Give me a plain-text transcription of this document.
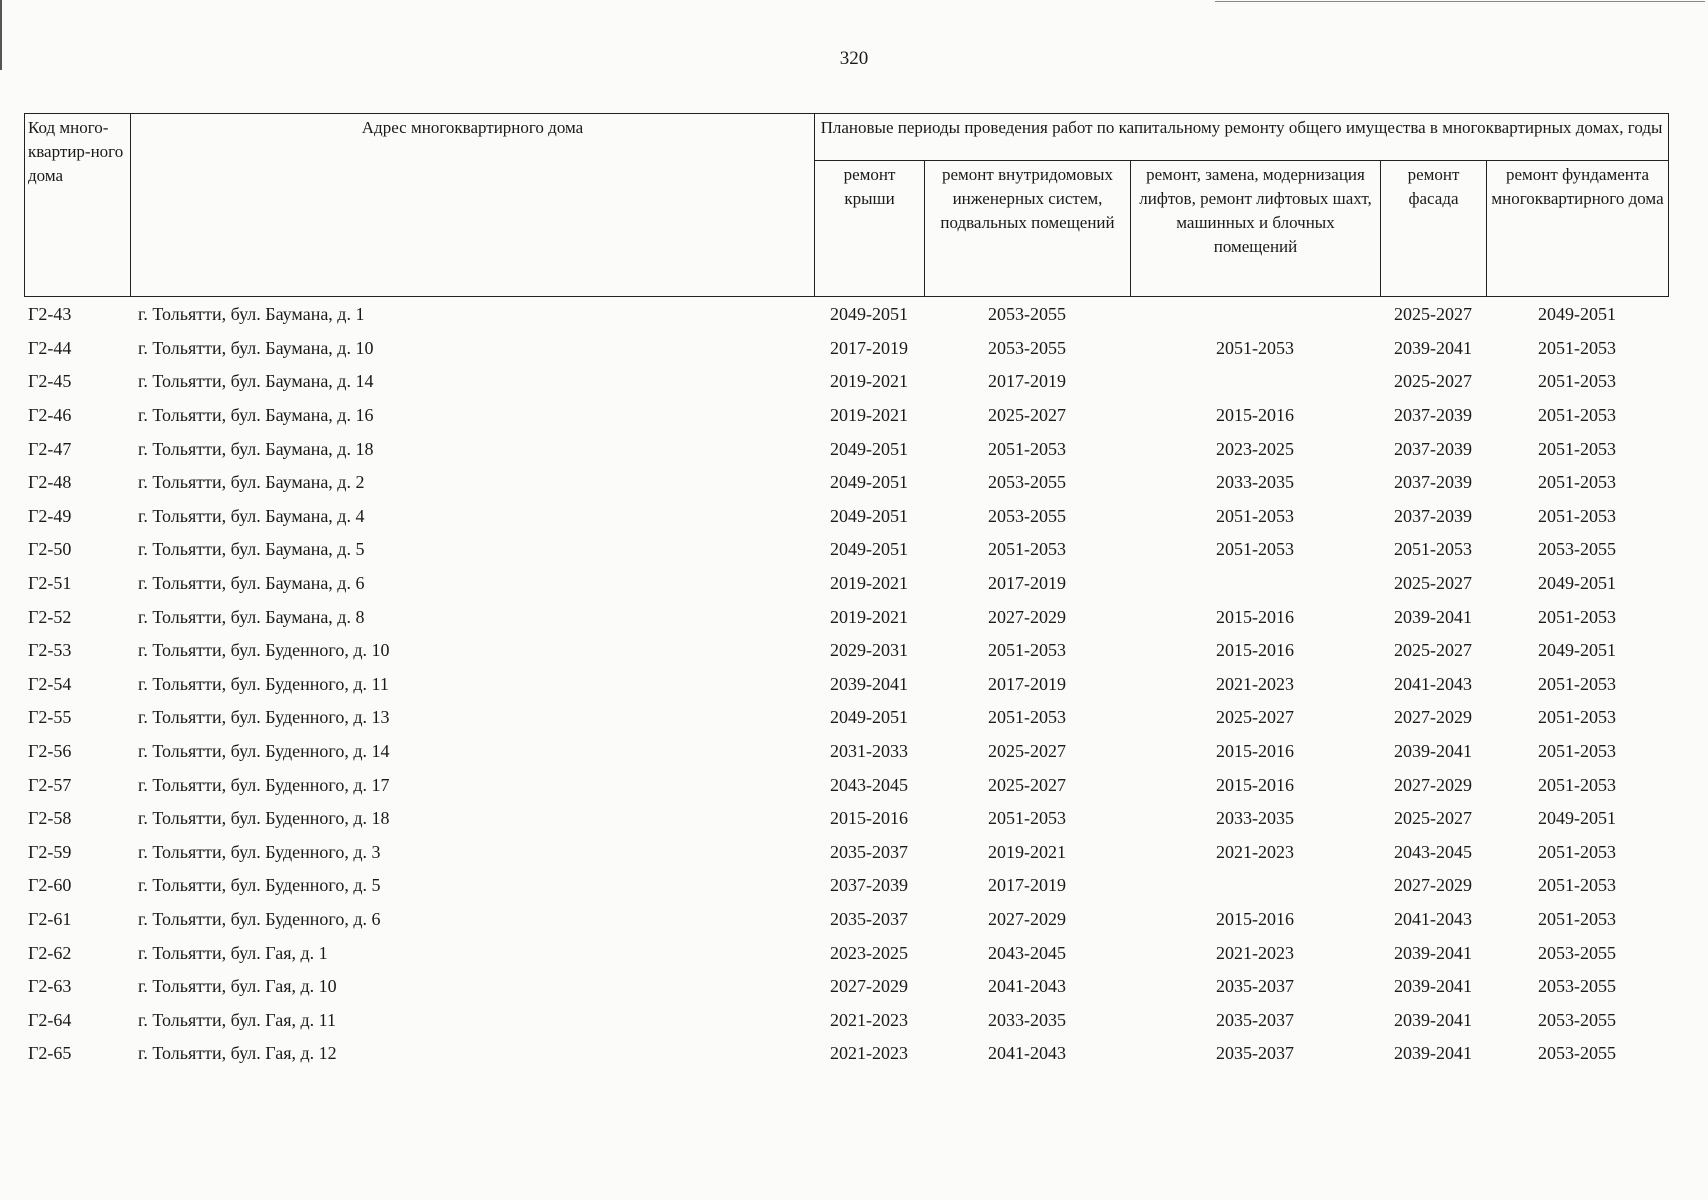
320
Код много-квартир-ного дома	Адрес многоквартирного дома	Плановые периоды проведения работ по капитальному ремонту общего имущества в многоквартирных домах, годы				
		ремонт крыши	ремонт внутридомовых инженерных систем, подвальных помещений	ремонт, замена, модернизация лифтов, ремонт лифтовых шахт, машинных и блочных помещений	ремонт фасада	ремонт фундамента многоквартирного дома
Г2-43	г. Тольятти, бул. Баумана, д. 1	2049-2051	2053-2055		2025-2027	2049-2051
Г2-44	г. Тольятти, бул. Баумана, д. 10	2017-2019	2053-2055	2051-2053	2039-2041	2051-2053
Г2-45	г. Тольятти, бул. Баумана, д. 14	2019-2021	2017-2019		2025-2027	2051-2053
Г2-46	г. Тольятти, бул. Баумана, д. 16	2019-2021	2025-2027	2015-2016	2037-2039	2051-2053
Г2-47	г. Тольятти, бул. Баумана, д. 18	2049-2051	2051-2053	2023-2025	2037-2039	2051-2053
Г2-48	г. Тольятти, бул. Баумана, д. 2	2049-2051	2053-2055	2033-2035	2037-2039	2051-2053
Г2-49	г. Тольятти, бул. Баумана, д. 4	2049-2051	2053-2055	2051-2053	2037-2039	2051-2053
Г2-50	г. Тольятти, бул. Баумана, д. 5	2049-2051	2051-2053	2051-2053	2051-2053	2053-2055
Г2-51	г. Тольятти, бул. Баумана, д. 6	2019-2021	2017-2019		2025-2027	2049-2051
Г2-52	г. Тольятти, бул. Баумана, д. 8	2019-2021	2027-2029	2015-2016	2039-2041	2051-2053
Г2-53	г. Тольятти, бул. Буденного, д. 10	2029-2031	2051-2053	2015-2016	2025-2027	2049-2051
Г2-54	г. Тольятти, бул. Буденного, д. 11	2039-2041	2017-2019	2021-2023	2041-2043	2051-2053
Г2-55	г. Тольятти, бул. Буденного, д. 13	2049-2051	2051-2053	2025-2027	2027-2029	2051-2053
Г2-56	г. Тольятти, бул. Буденного, д. 14	2031-2033	2025-2027	2015-2016	2039-2041	2051-2053
Г2-57	г. Тольятти, бул. Буденного, д. 17	2043-2045	2025-2027	2015-2016	2027-2029	2051-2053
Г2-58	г. Тольятти, бул. Буденного, д. 18	2015-2016	2051-2053	2033-2035	2025-2027	2049-2051
Г2-59	г. Тольятти, бул. Буденного, д. 3	2035-2037	2019-2021	2021-2023	2043-2045	2051-2053
Г2-60	г. Тольятти, бул. Буденного, д. 5	2037-2039	2017-2019		2027-2029	2051-2053
Г2-61	г. Тольятти, бул. Буденного, д. 6	2035-2037	2027-2029	2015-2016	2041-2043	2051-2053
Г2-62	г. Тольятти, бул. Гая, д. 1	2023-2025	2043-2045	2021-2023	2039-2041	2053-2055
Г2-63	г. Тольятти, бул. Гая, д. 10	2027-2029	2041-2043	2035-2037	2039-2041	2053-2055
Г2-64	г. Тольятти, бул. Гая, д. 11	2021-2023	2033-2035	2035-2037	2039-2041	2053-2055
Г2-65	г. Тольятти, бул. Гая, д. 12	2021-2023	2041-2043	2035-2037	2039-2041	2053-2055
